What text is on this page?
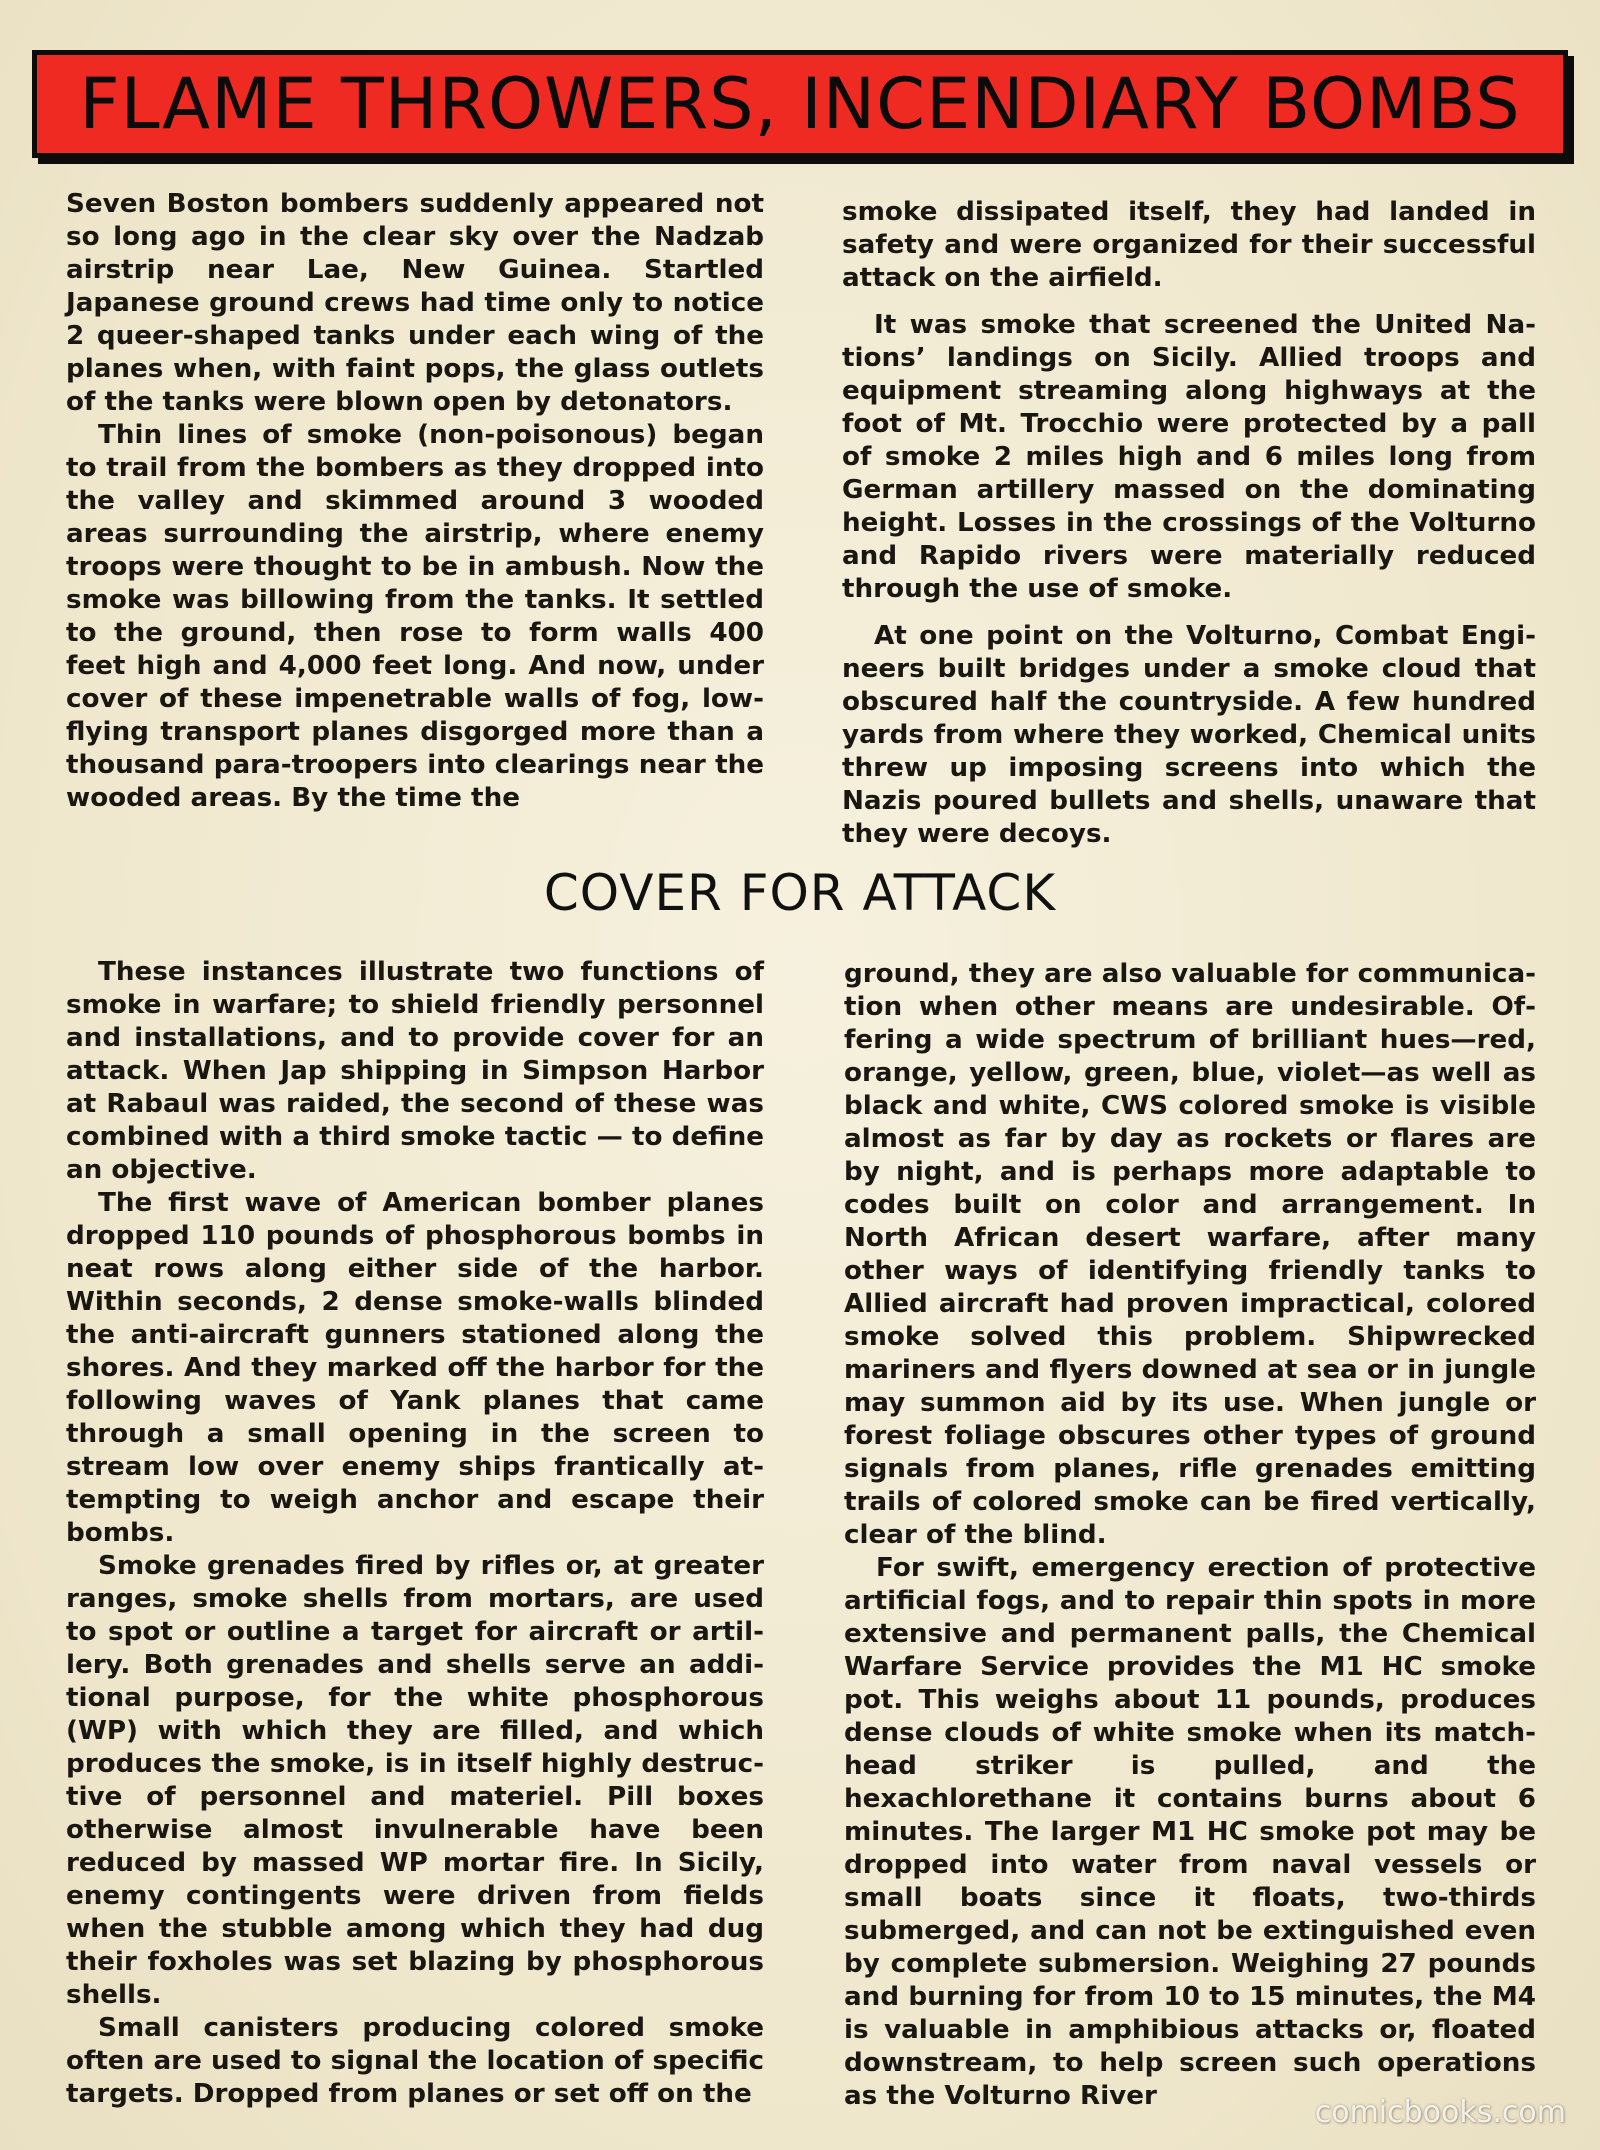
FLAME THROWERS, INCENDIARY BOMBS

Seven Boston bombers suddenly appeared not so long ago in the clear sky over the Nadzab airstrip near Lae, New Guinea. Startled Japanese ground crews had time only to notice 2 queer-shaped tanks under each wing of the planes when, with faint pops, the glass outlets of the tanks were blown open by detonators.

Thin lines of smoke (non-poisonous) began to trail from the bombers as they dropped into the valley and skimmed around 3 wooded areas surrounding the airstrip, where enemy troops were thought to be in ambush. Now the smoke was billowing from the tanks. It settled to the ground, then rose to form walls 400 feet high and 4,000 feet long. And now, under cover of these impenetrable walls of fog, low-flying transport planes disgorged more than a thousand para-troopers into clearings near the wooded areas. By the time the

smoke dissipated itself, they had landed in safety and were organized for their successful attack on the airfield.

It was smoke that screened the United Nations’ landings on Sicily. Allied troops and equipment streaming along highways at the foot of Mt. Trocchio were protected by a pall of smoke 2 miles high and 6 miles long from German artillery massed on the dominating height. Losses in the crossings of the Volturno and Rapido rivers were materially reduced through the use of smoke.

At one point on the Volturno, Combat Engineers built bridges under a smoke cloud that obscured half the countryside. A few hundred yards from where they worked, Chemical units threw up imposing screens into which the Nazis poured bullets and shells, unaware that they were decoys.

COVER FOR ATTACK

These instances illustrate two functions of smoke in warfare; to shield friendly personnel and installations, and to provide cover for an attack. When Jap shipping in Simpson Harbor at Rabaul was raided, the second of these was combined with a third smoke tactic — to define an objective.

The first wave of American bomber planes dropped 110 pounds of phosphorous bombs in neat rows along either side of the harbor. Within seconds, 2 dense smoke-walls blinded the anti-aircraft gunners stationed along the shores. And they marked off the harbor for the following waves of Yank planes that came through a small opening in the screen to stream low over enemy ships frantically attempting to weigh anchor and escape their bombs.

Smoke grenades fired by rifles or, at greater ranges, smoke shells from mortars, are used to spot or outline a target for aircraft or artillery. Both grenades and shells serve an additional purpose, for the white phosphorous (WP) with which they are filled, and which produces the smoke, is in itself highly destructive of personnel and materiel. Pill boxes otherwise almost invulnerable have been reduced by massed WP mortar fire. In Sicily, enemy contingents were driven from fields when the stubble among which they had dug their foxholes was set blazing by phosphorous shells.

Small canisters producing colored smoke often are used to signal the location of specific targets. Dropped from planes or set off on the

ground, they are also valuable for communication when other means are undesirable. Offering a wide spectrum of brilliant hues—red, orange, yellow, green, blue, violet—as well as black and white, CWS colored smoke is visible almost as far by day as rockets or flares are by night, and is perhaps more adaptable to codes built on color and arrangement. In North African desert warfare, after many other ways of identifying friendly tanks to Allied aircraft had proven impractical, colored smoke solved this problem. Shipwrecked mariners and flyers downed at sea or in jungle may summon aid by its use. When jungle or forest foliage obscures other types of ground signals from planes, rifle grenades emitting trails of colored smoke can be fired vertically, clear of the blind.

For swift, emergency erection of protective artificial fogs, and to repair thin spots in more extensive and permanent palls, the Chemical Warfare Service provides the M1 HC smoke pot. This weighs about 11 pounds, produces dense clouds of white smoke when its matchhead striker is pulled, and the hexachlorethane it contains burns about 6 minutes. The larger M1 HC smoke pot may be dropped into water from naval vessels or small boats since it floats, two-thirds submerged, and can not be extinguished even by complete submersion. Weighing 27 pounds and burning for from 10 to 15 minutes, the M4 is valuable in amphibious attacks or, floated downstream, to help screen such operations as the Volturno River	comicbooks.com
